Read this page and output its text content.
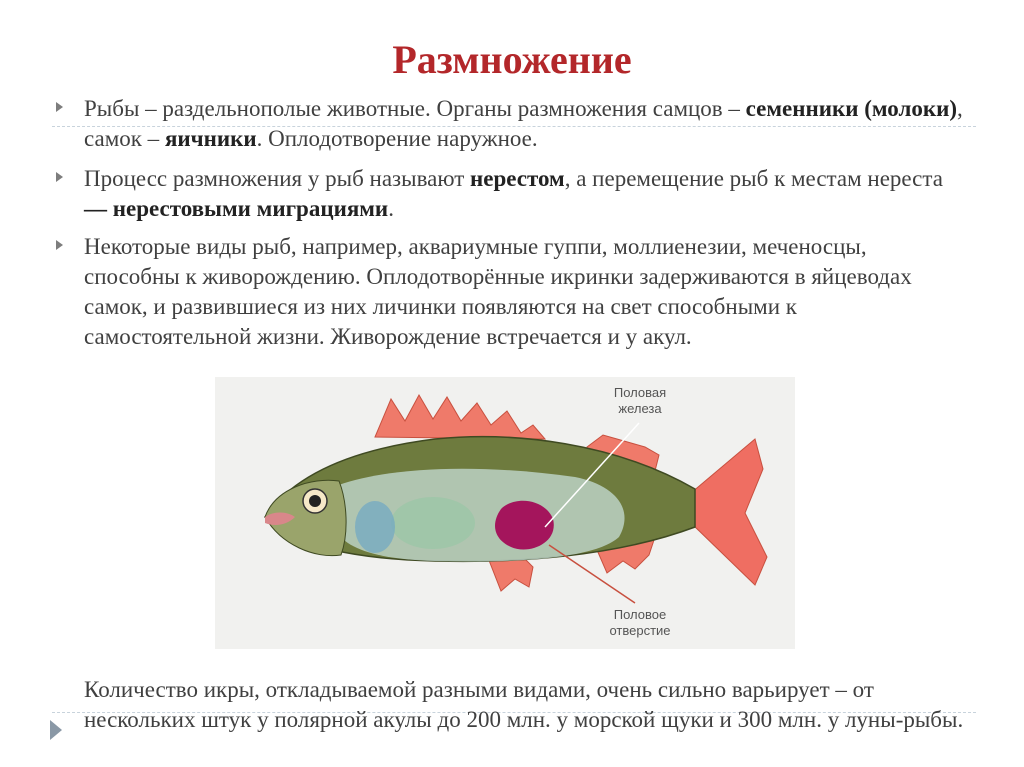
Размножение
Рыбы – раздельнополые животные. Органы размножения самцов – семенники (молоки), самок – яичники. Оплодотворение наружное.
Процесс размножения у рыб называют нерестом, а перемещение рыб к местам нереста — нерестовыми миграциями.
Некоторые виды рыб, например, аквариумные гуппи, моллиенезии, меченосцы, способны к живорождению. Оплодотворённые икринки задерживаются в яйцеводах самок, и развившиеся из них личинки появляются на свет способными к самостоятельной жизни. Живорождение встречается и у акул.
Половая
железа
Половое
отверстие
Количество икры, откладываемой разными видами, очень сильно варьирует – от нескольких штук у полярной акулы до 200 млн. у морской щуки и 300 млн. у луны-рыбы.
